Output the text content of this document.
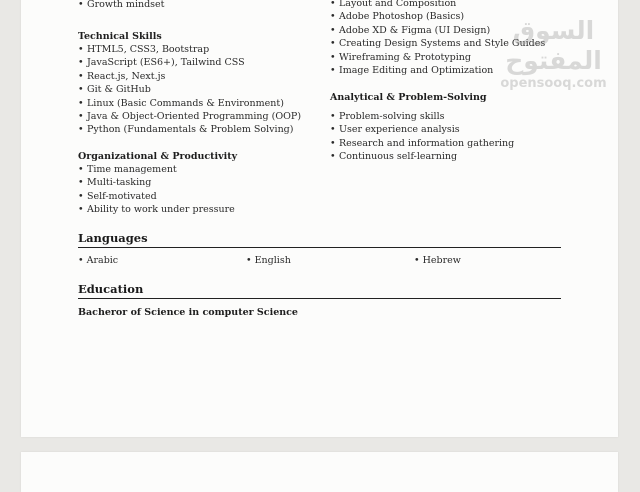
• Growth mindset
Technical Skills
• HTML5, CSS3, Bootstrap
• JavaScript (ES6+), Tailwind CSS
• React.js, Next.js
• Git & GitHub
• Linux (Basic Commands & Environment)
• Java & Object-Oriented Programming (OOP)
• Python (Fundamentals & Problem Solving)
Organizational & Productivity
• Time management
• Multi-tasking
• Self-motivated
• Ability to work under pressure
• Layout and Composition
• Adobe Photoshop (Basics)
• Adobe XD & Figma (UI Design)
• Creating Design Systems and Style Guides
• Wireframing & Prototyping
• Image Editing and Optimization
Analytical & Problem-Solving
• Problem-solving skills
• User experience analysis
• Research and information gathering
• Continuous self-learning
Languages
• Arabic	• English	• Hebrew
Education
Bacheror of Science in computer Science
السوق المفتوح
opensooq.com
